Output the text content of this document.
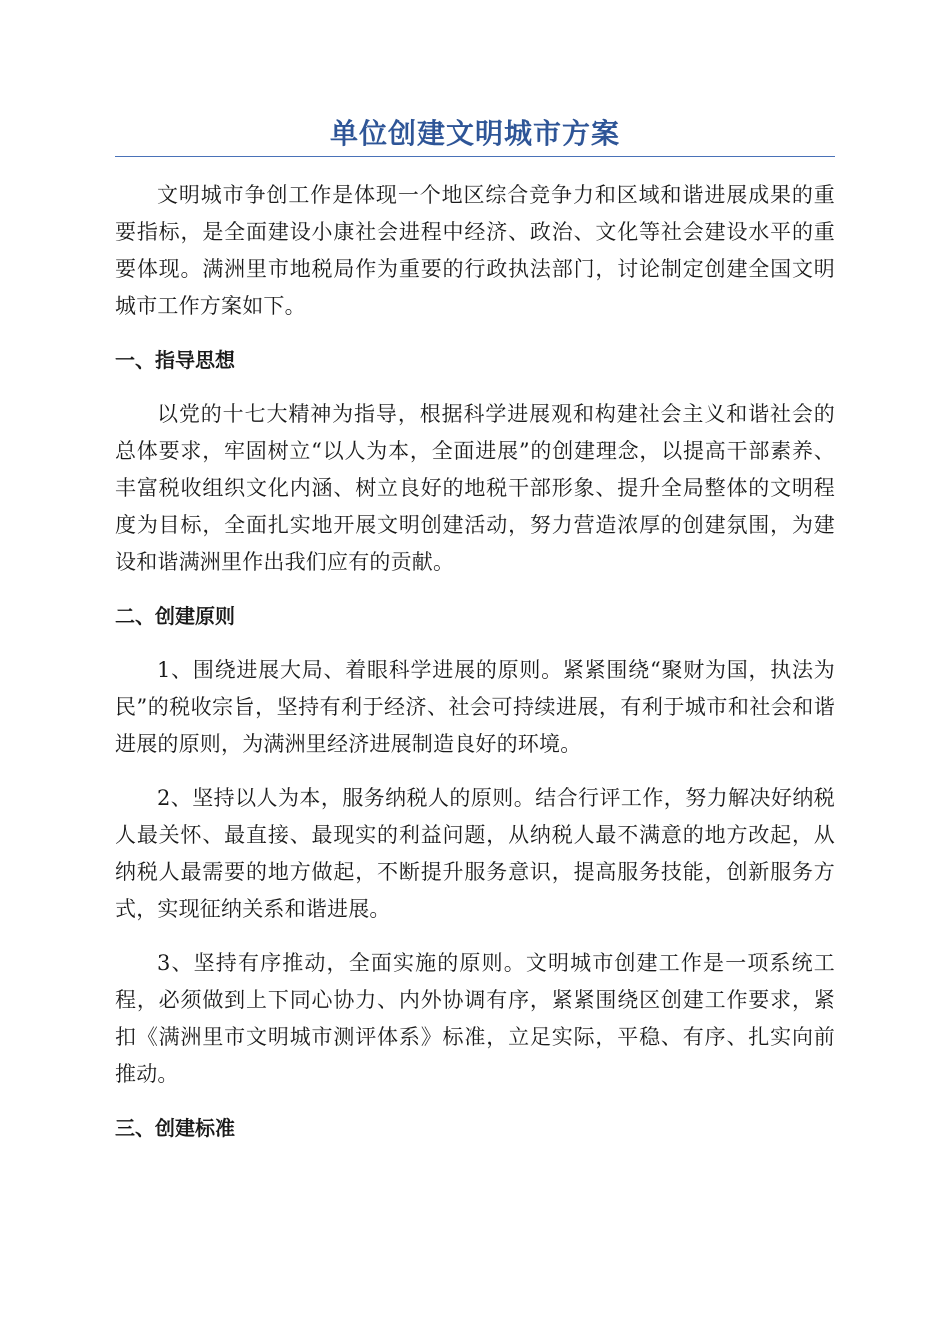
单位创建文明城市方案

文明城市争创工作是体现一个地区综合竞争力和区域和谐进展成果的重要指标，是全面建设小康社会进程中经济、政治、文化等社会建设水平的重要体现。满洲里市地税局作为重要的行政执法部门，讨论制定创建全国文明城市工作方案如下。

一、指导思想

以党的十七大精神为指导，根据科学进展观和构建社会主义和谐社会的总体要求，牢固树立“以人为本，全面进展”的创建理念，以提高干部素养、丰富税收组织文化内涵、树立良好的地税干部形象、提升全局整体的文明程度为目标，全面扎实地开展文明创建活动，努力营造浓厚的创建氛围，为建设和谐满洲里作出我们应有的贡献。

二、创建原则

1、围绕进展大局、着眼科学进展的原则。紧紧围绕“聚财为国，执法为民”的税收宗旨，坚持有利于经济、社会可持续进展，有利于城市和社会和谐进展的原则，为满洲里经济进展制造良好的环境。

2、坚持以人为本，服务纳税人的原则。结合行评工作，努力解决好纳税人最关怀、最直接、最现实的利益问题，从纳税人最不满意的地方改起，从纳税人最需要的地方做起，不断提升服务意识，提高服务技能，创新服务方式，实现征纳关系和谐进展。

3、坚持有序推动，全面实施的原则。文明城市创建工作是一项系统工程，必须做到上下同心协力、内外协调有序，紧紧围绕区创建工作要求，紧扣《满洲里市文明城市测评体系》标准，立足实际，平稳、有序、扎实向前推动。

三、创建标准
